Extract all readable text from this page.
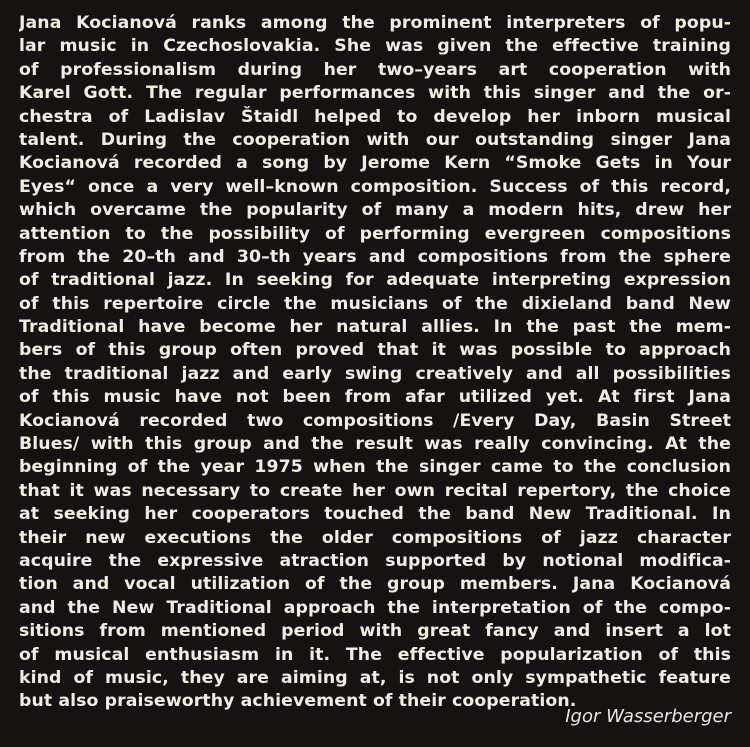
Jana Kocianová ranks among the prominent interpreters of popu-
lar music in Czechoslovakia. She was given the effective training
of professionalism during her two–years art cooperation with
Karel Gott. The regular performances with this singer and the or-
chestra of Ladislav Štaidl helped to develop her inborn musical
talent. During the cooperation with our outstanding singer Jana
Kocianová recorded a song by Jerome Kern “Smoke Gets in Your
Eyes“ once a very well–known composition. Success of this record,
which overcame the popularity of many a modern hits, drew her
attention to the possibility of performing evergreen compositions
from the 20–th and 30–th years and compositions from the sphere
of traditional jazz. In seeking for adequate interpreting expression
of this repertoire circle the musicians of the dixieland band New
Traditional have become her natural allies. In the past the mem-
bers of this group often proved that it was possible to approach
the traditional jazz and early swing creatively and all possibilities
of this music have not been from afar utilized yet. At first Jana
Kocianová recorded two compositions /Every Day, Basin Street
Blues/ with this group and the result was really convincing. At the
beginning of the year 1975 when the singer came to the conclusion
that it was necessary to create her own recital repertory, the choice
at seeking her cooperators touched the band New Traditional. In
their new executions the older compositions of jazz character
acquire the expressive atraction supported by notional modifica-
tion and vocal utilization of the group members. Jana Kocianová
and the New Traditional approach the interpretation of the compo-
sitions from mentioned period with great fancy and insert a lot
of musical enthusiasm in it. The effective popularization of this
kind of music, they are aiming at, is not only sympathetic feature
but also praiseworthy achievement of their cooperation.
Igor Wasserberger
